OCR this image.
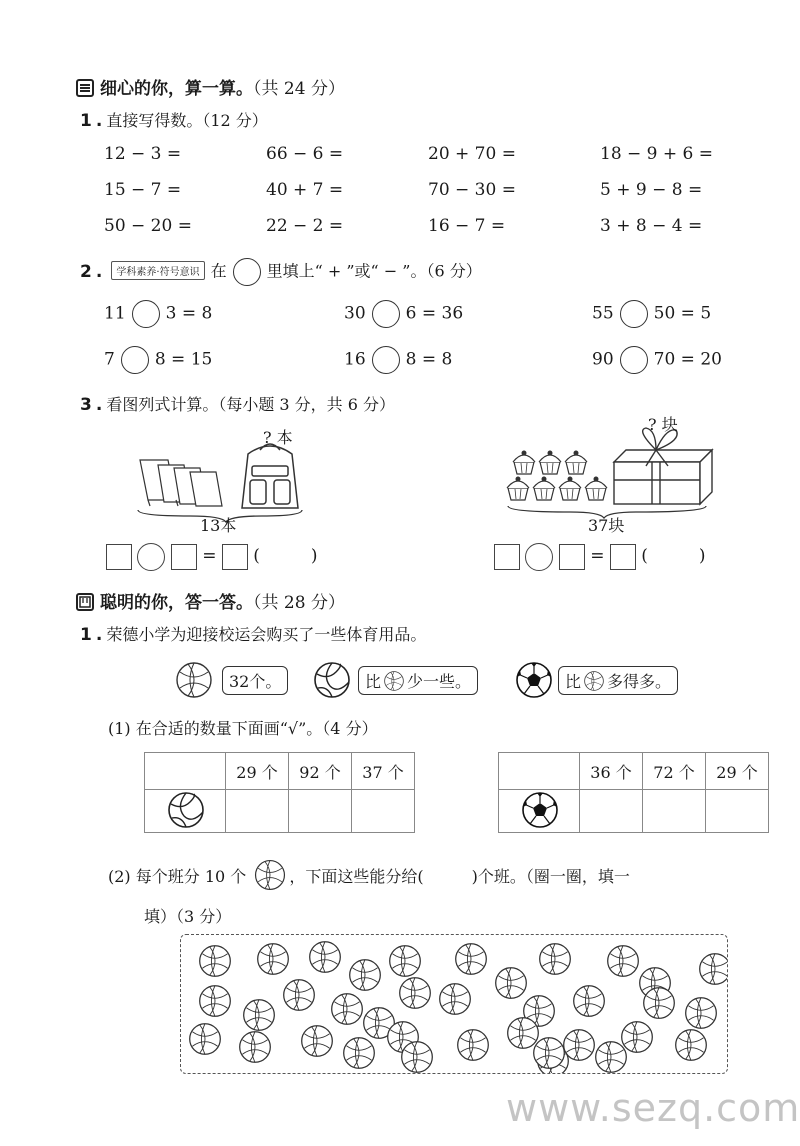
细心的你，算一算。（共 24 分）
1 . 直接写得数。（12 分）
12 − 3 =	66 − 6 =	20 + 70 =	18 − 9 + 6 =
15 − 7 =	40 + 7 =	70 − 30 =	5 + 9 − 8 =
50 − 20 =	22 − 2 =	16 − 7 =	3 + 8 − 4 =
2 . 学科素养·符号意识 在	里填上“ + ”或“ − ”。（6 分）
11 3 = 8	30 6 = 36	55 50 = 5
7 8 = 15	16 8 = 8	90 70 = 20
3 . 看图列式计算。（每小题 3 分，共 6 分）
? 本
13本
? 块
37块
= (　　　)	= (　　　)
聪明的你，答一答。（共 28 分）
1 . 荣德小学为迎接校运会购买了一些体育用品。
32个。	比 少一些。	比 多得多。
(1) 在合适的数量下面画“√”。（4 分）
	29 个	92 个	37 个

		36 个	72 个	29 个

(2) 每个班分 10 个	，下面这些能分给(　　　)个班。（圈一圈，填一
填）（3 分）
www.sezq.com
